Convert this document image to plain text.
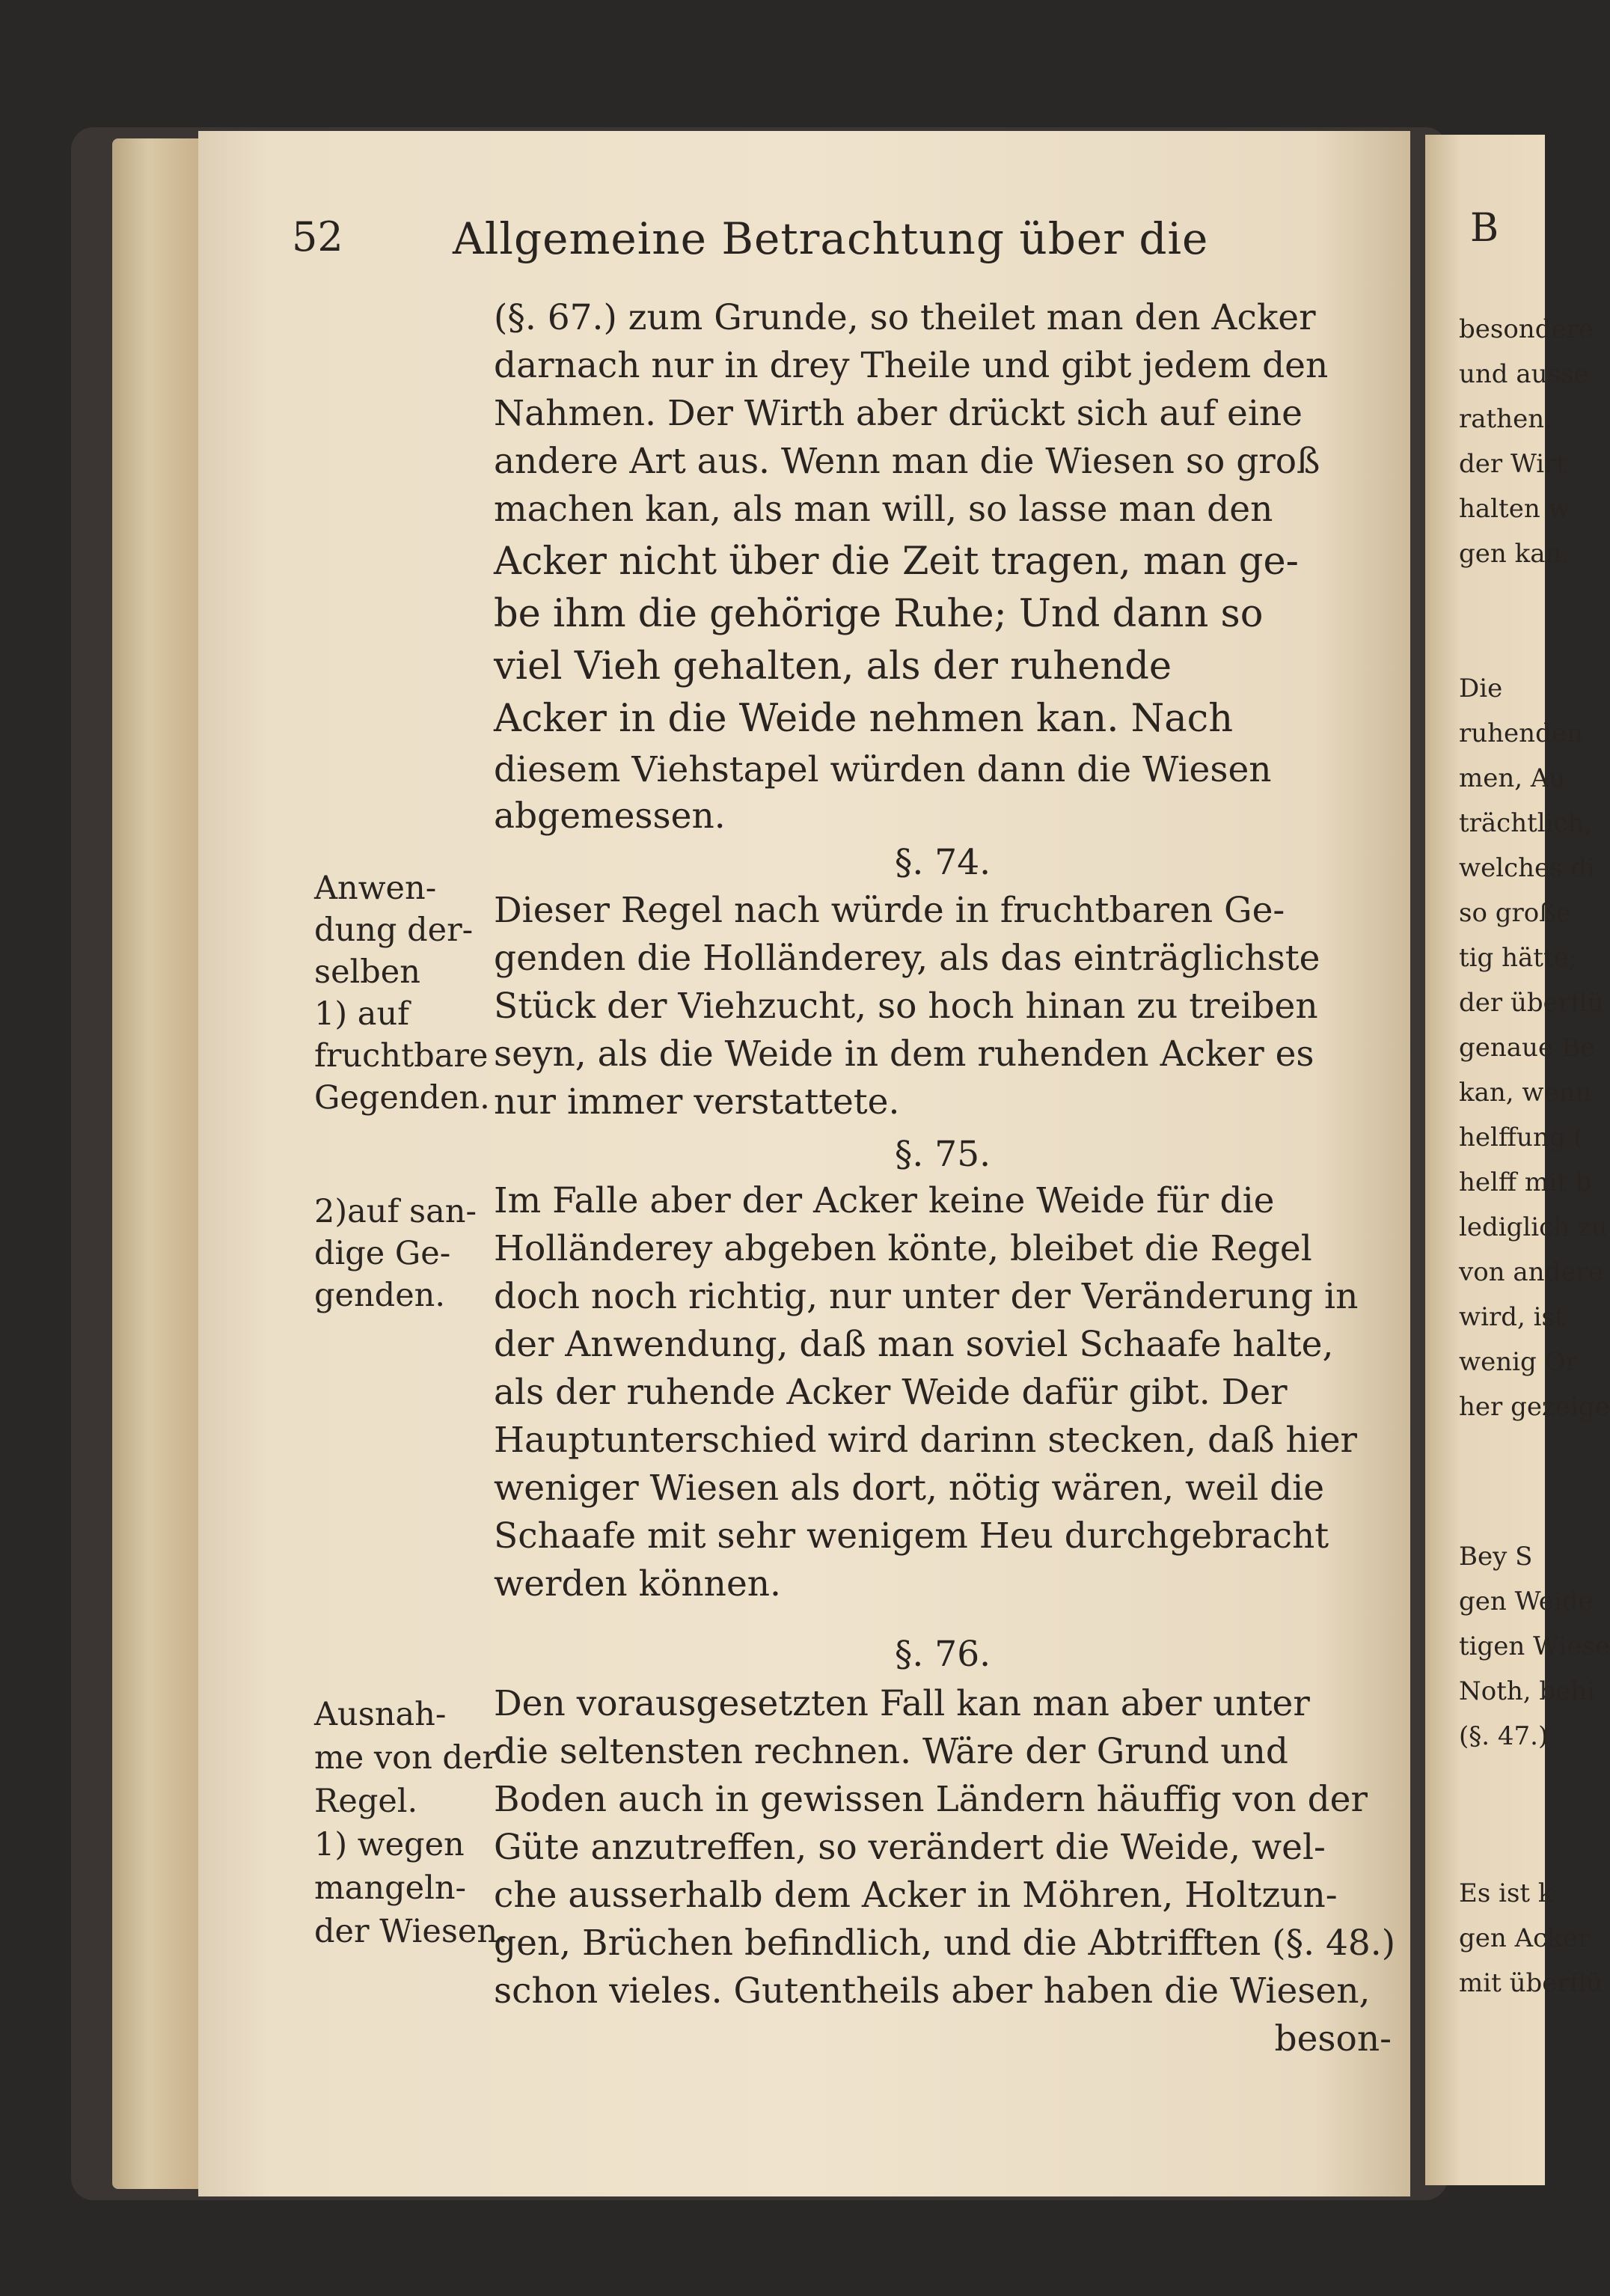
B
besondere
und ausse
rathen.
der Wirt
halten w
gen kan.
Die
ruhenden
men, Au
trächtlich,
welches di
so große
tig hätte;
der überflü
genaue Be
kan, wenn
helffung (
helff mit b
lediglich zu
von andere
wird, ist
wenig Or
her gezeige
Bey S
gen Weide
tigen Wiese
Noth, behi
(§. 47.)
Es ist k
gen Acker
mit überflü
52	Allgemeine Betrachtung über die
(§. 67.) zum Grunde, so theilet man den Acker
darnach nur in drey Theile und gibt jedem den
Nahmen. Der Wirth aber drückt sich auf eine
andere Art aus. Wenn man die Wiesen so groß
machen kan, als man will, so lasse man den
Acker nicht über die Zeit tragen, man ge-
be ihm die gehörige Ruhe; Und dann so
viel Vieh gehalten, als der ruhende
Acker in die Weide nehmen kan. Nach
diesem Viehstapel würden dann die Wiesen
abgemessen.
§. 74.
Dieser Regel nach würde in fruchtbaren Ge-
genden die Holländerey, als das einträglichste
Stück der Viehzucht, so hoch hinan zu treiben
seyn, als die Weide in dem ruhenden Acker es
nur immer verstattete.
§. 75.
Im Falle aber der Acker keine Weide für die
Holländerey abgeben könte, bleibet die Regel
doch noch richtig, nur unter der Veränderung in
der Anwendung, daß man soviel Schaafe halte,
als der ruhende Acker Weide dafür gibt. Der
Hauptunterschied wird darinn stecken, daß hier
weniger Wiesen als dort, nötig wären, weil die
Schaafe mit sehr wenigem Heu durchgebracht
werden können.
§. 76.
Den vorausgesetzten Fall kan man aber unter
die seltensten rechnen. Wäre der Grund und
Boden auch in gewissen Ländern häuffig von der
Güte anzutreffen, so verändert die Weide, wel-
che ausserhalb dem Acker in Möhren, Holtzun-
gen, Brüchen befindlich, und die Abtrifften (§. 48.)
schon vieles. Gutentheils aber haben die Wiesen,
beson-
Anwen-
dung der-
selben
1) auf
fruchtbare
Gegenden.
2)auf san-
dige Ge-
genden.
Ausnah-
me von der
Regel.
1) wegen
mangeln-
der Wiesen.
